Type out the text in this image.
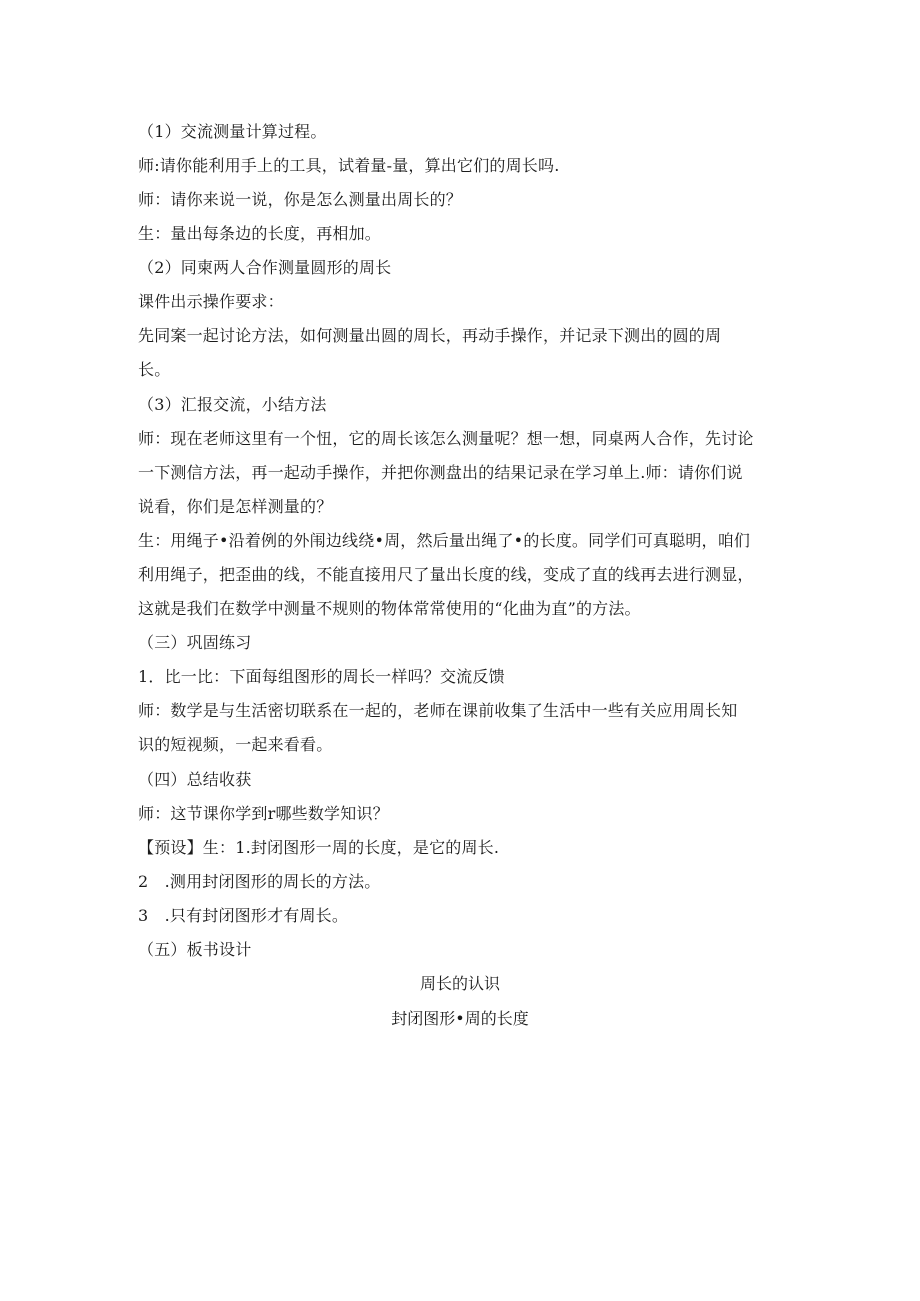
（1）交流测量计算过程。
师:请你能利用手上的工具，试着量-量，算出它们的周长吗.
师：请你来说一说，你是怎么测量出周长的？
生：量出每条边的长度，再相加。
（2）同柬两人合作测量圆形的周长
课件出示操作要求：
先同案一起讨论方法，如何测量出圆的周长，再动手操作，并记录下测出的圆的周
长。
（3）汇报交流，小结方法
师：现在老师这里有一个忸，它的周长该怎么测量呢？想一想，同桌两人合作，先讨论
一下测信方法，再一起动手操作，并把你测盘出的结果记录在学习单上.师：请你们说
说看，你们是怎样测量的？
生：用绳子•沿着例的外闱边线绕•周，然后量出绳了•的长度。同学们可真聪明，咱们
利用绳子，把歪曲的线，不能直接用尺了量出长度的线，变成了直的线再去进行测显，
这就是我们在数学中测量不规则的物体常常使用的“化曲为直”的方法。
（三）巩固练习
1．比一比：下面每组图形的周长一样吗？交流反馈
师：数学是与生活密切联系在一起的，老师在课前收集了生活中一些有关应用周长知
识的短视频，一起来看看。
（四）总结收获
师：这节课你学到r哪些数学知识？
【预设】生：1.封闭图形一周的长度，是它的周长.
2　.测用封闭图形的周长的方法。
3　.只有封闭图形才有周长。
（五）板书设计
周长的认识
封闭图形•周的长度
